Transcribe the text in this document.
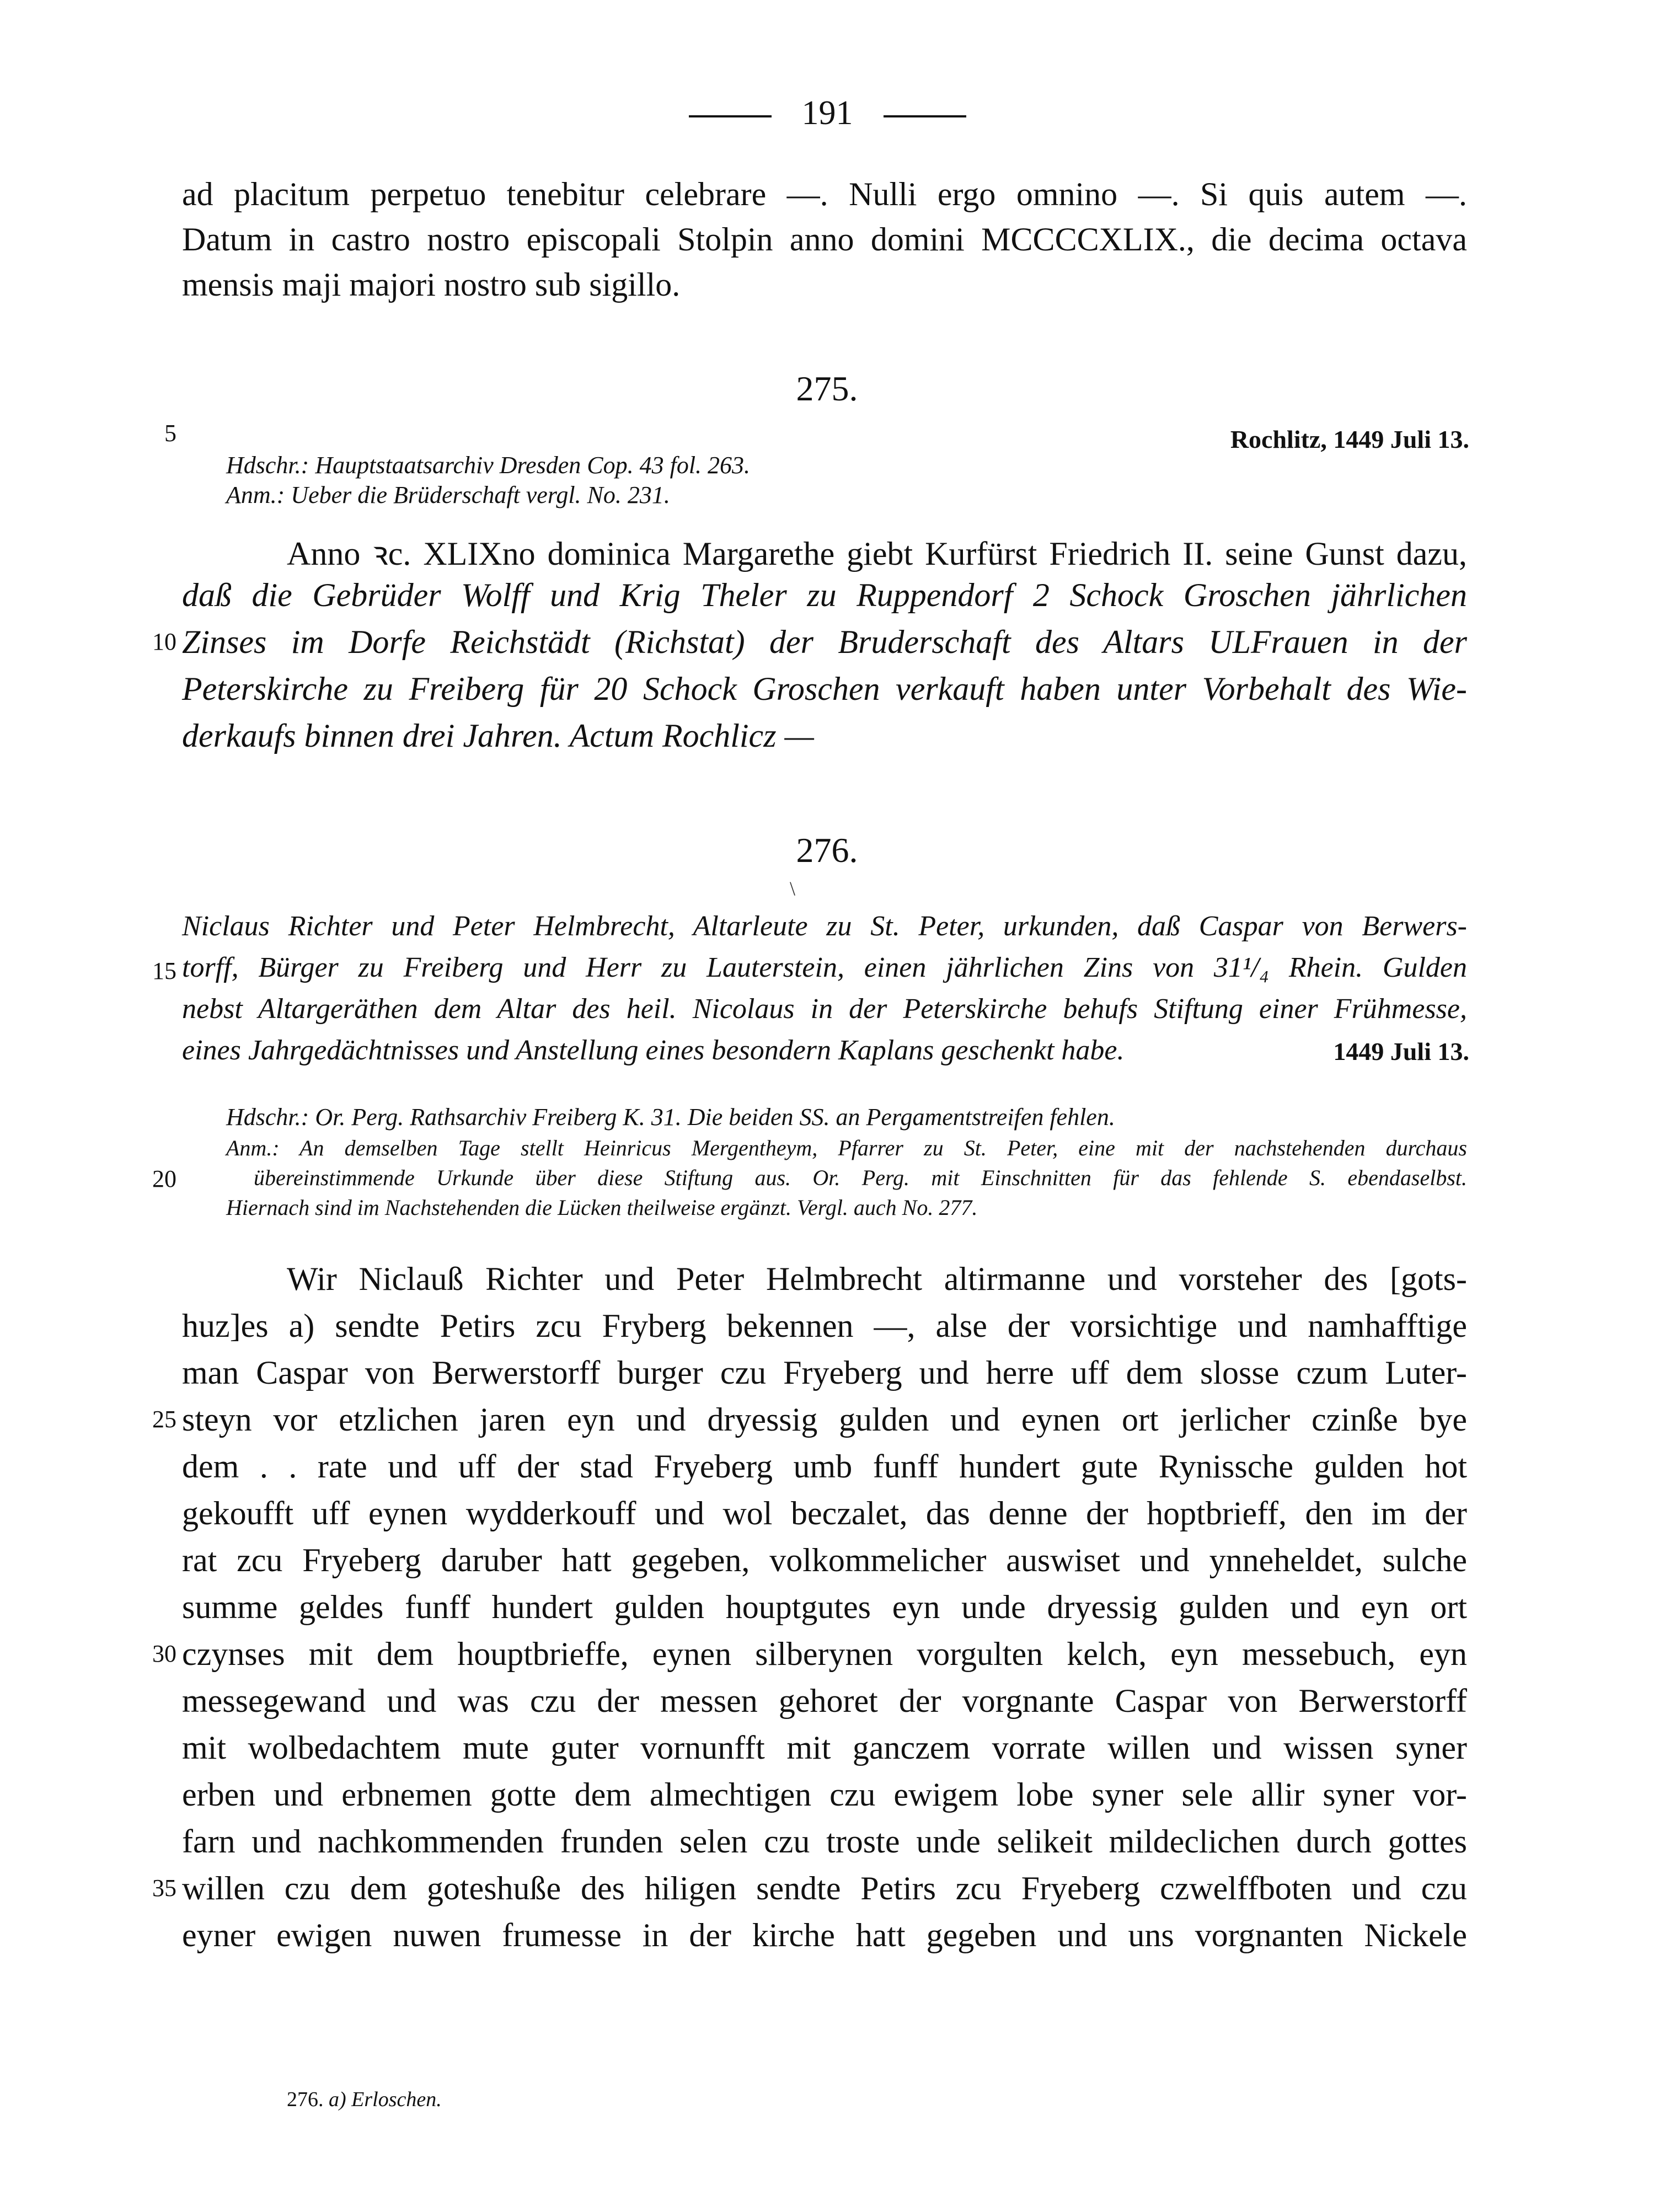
191
ad placitum perpetuo tenebitur celebrare —. Nulli ergo omnino —. Si quis autem —.
Datum in castro nostro episcopali Stolpin anno domini MCCCCXLIX., die decima octava
mensis maji majori nostro sub sigillo.
275.
5	Rochlitz, 1449 Juli 13.
Hdschr.: Hauptstaatsarchiv Dresden Cop. 43 fol. 263.
Anm.: Ueber die Brüderschaft vergl. No. 231.
Anno ꝛc. XLIXno dominica Margarethe giebt Kurfürst Friedrich II. seine Gunst dazu,
daß die Gebrüder Wolff und Krig Theler zu Ruppendorf 2 Schock Groschen jährlichen
10 Zinses im Dorfe Reichstädt (Richstat) der Bruderschaft des Altars ULFrauen in der
Peterskirche zu Freiberg für 20 Schock Groschen verkauft haben unter Vorbehalt des Wie-
derkaufs binnen drei Jahren. Actum Rochlicz —
276.
\
Niclaus Richter und Peter Helmbrecht, Altarleute zu St. Peter, urkunden, daß Caspar von Berwers-
15 torff, Bürger zu Freiberg und Herr zu Lauterstein, einen jährlichen Zins von 31¹/₄ Rhein. Gulden
nebst Altargeräthen dem Altar des heil. Nicolaus in der Peterskirche behufs Stiftung einer Frühmesse,
eines Jahrgedächtnisses und Anstellung eines besondern Kaplans geschenkt habe.	1449 Juli 13.
Hdschr.: Or. Perg. Rathsarchiv Freiberg K. 31. Die beiden SS. an Pergamentstreifen fehlen.
Anm.: An demselben Tage stellt Heinricus Mergentheym, Pfarrer zu St. Peter, eine mit der nachstehenden durchaus
20	übereinstimmende Urkunde über diese Stiftung aus. Or. Perg. mit Einschnitten für das fehlende S. ebendaselbst.
Hiernach sind im Nachstehenden die Lücken theilweise ergänzt. Vergl. auch No. 277.
Wir Niclauß Richter und Peter Helmbrecht altirmanne und vorsteher des [gots-
huz]es a) sendte Petirs zcu Fryberg bekennen —, alse der vorsichtige und namhafftige
man Caspar von Berwerstorff burger czu Fryeberg und herre uff dem slosse czum Luter-
25 steyn vor etzlichen jaren eyn und dryessig gulden und eynen ort jerlicher czinße bye
dem . . rate und uff der stad Fryeberg umb funff hundert gute Rynissche gulden hot
gekoufft uff eynen wydderkouff und wol beczalet, das denne der hoptbrieff, den im der
rat zcu Fryeberg daruber hatt gegeben, volkommelicher auswiset und ynneheldet, sulche
summe geldes funff hundert gulden houptgutes eyn unde dryessig gulden und eyn ort
30 czynses mit dem houptbrieffe, eynen silberynen vorgulten kelch, eyn messebuch, eyn
messegewand und was czu der messen gehoret der vorgnante Caspar von Berwerstorff
mit wolbedachtem mute guter vornunfft mit ganczem vorrate willen und wissen syner
erben und erbnemen gotte dem almechtigen czu ewigem lobe syner sele allir syner vor-
farn und nachkommenden frunden selen czu troste unde selikeit mildeclichen durch gottes
35 willen czu dem goteshuße des hiligen sendte Petirs zcu Fryeberg czwelffboten und czu
eyner ewigen nuwen frumesse in der kirche hatt gegeben und uns vorgnanten Nickele
276. a) Erloschen.
